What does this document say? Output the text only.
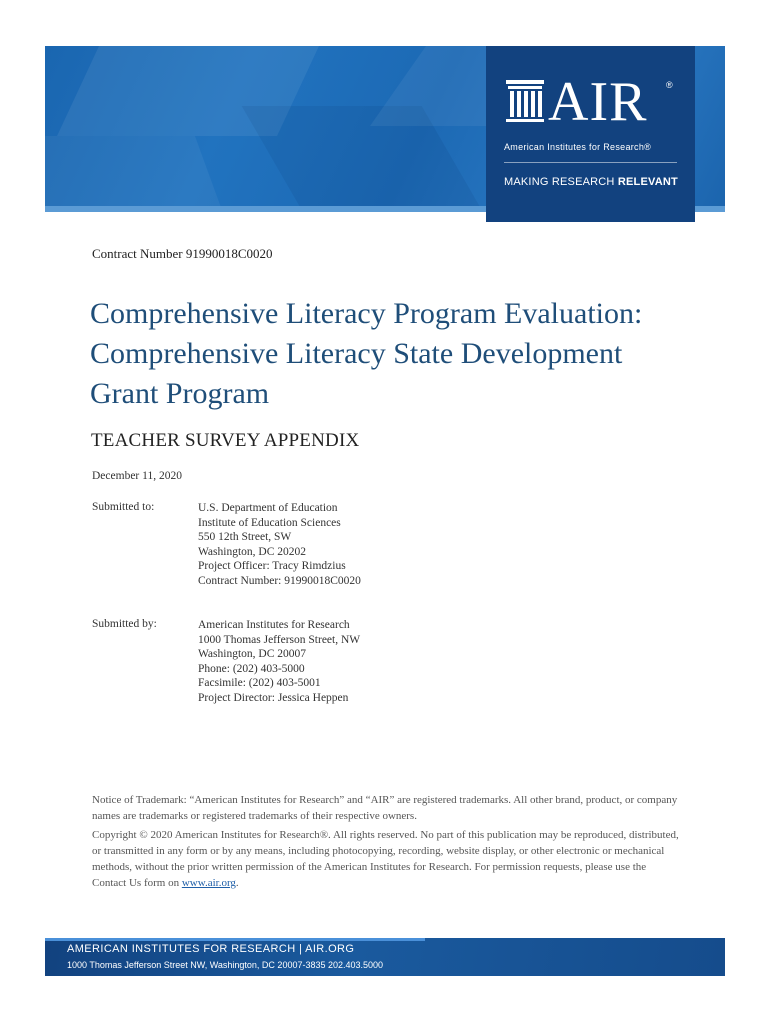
AIR ®
American Institutes for Research®
MAKING RESEARCH RELEVANT
Contract Number 91990018C0020
Comprehensive Literacy Program Evaluation: Comprehensive Literacy State Development Grant Program
TEACHER SURVEY APPENDIX
December 11, 2020
Submitted to:	U.S. Department of Education
Institute of Education Sciences
550 12th Street, SW
Washington, DC 20202
Project Officer: Tracy Rimdzius
Contract Number: 91990018C0020
Submitted by:	American Institutes for Research
1000 Thomas Jefferson Street, NW
Washington, DC 20007
Phone: (202) 403-5000
Facsimile: (202) 403-5001
Project Director: Jessica Heppen

Notice of Trademark: “American Institutes for Research” and “AIR” are registered trademarks. All other brand, product, or company names are trademarks or registered trademarks of their respective owners.

Copyright © 2020 American Institutes for Research®. All rights reserved. No part of this publication may be reproduced, distributed, or transmitted in any form or by any means, including photocopying, recording, website display, or other electronic or mechanical methods, without the prior written permission of the American Institutes for Research. For permission requests, please use the Contact Us form on www.air.org.

AMERICAN INSTITUTES FOR RESEARCH | AIR.ORG
1000 Thomas Jefferson Street NW, Washington, DC 20007-3835 202.403.5000
